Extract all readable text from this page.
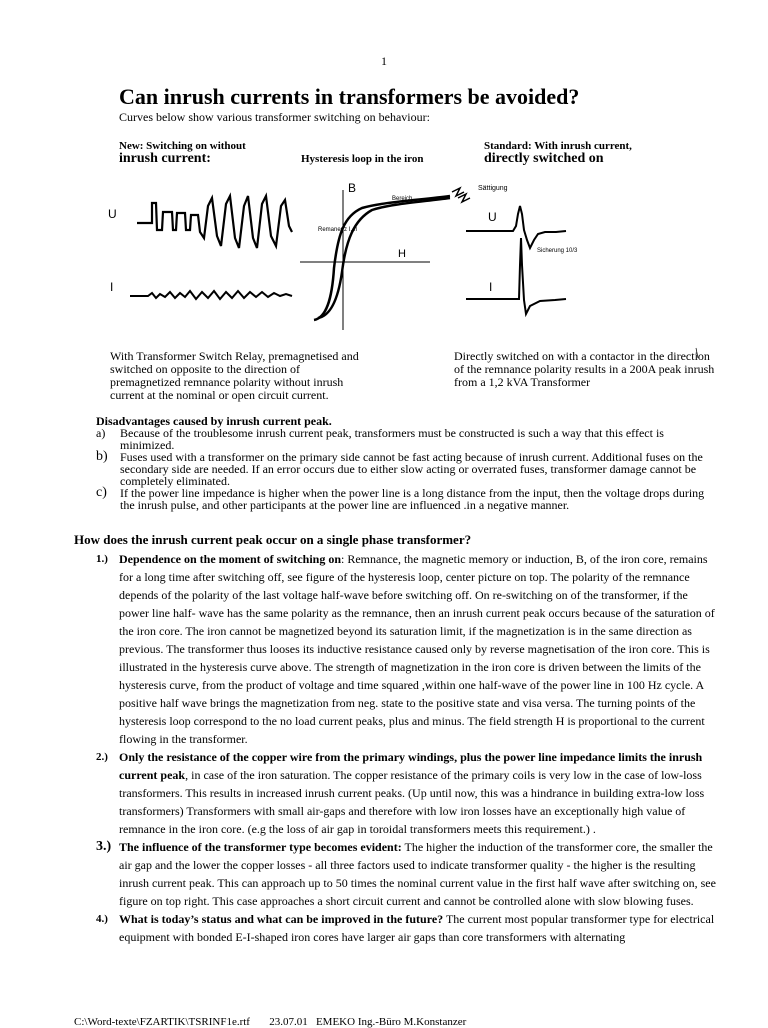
1
Can inrush currents in transformers be avoided?
Curves below show various transformer switching on behaviour:
New: Switching on without
inrush current:	Hysteresis loop in the iron
Standard: With inrush current,
directly switched on
U
I
B
H
Bereich
Remanenz I, II
U
Sättigung
Sicherung 10/3
I
With Transformer Switch Relay, premagnetised and switched on opposite to the direction of premagnetized remnance polarity without inrush current at the nominal or open circuit current.
Directly switched on with a contactor in the direction of the remnance polarity results in a 200A peak inrush from a 1,2 kVA Transformer
Disadvantages caused by inrush current peak.
a)	Because of the troublesome inrush current peak, transformers must be constructed is such a way that this effect is minimized.
b)	Fuses used with a transformer on the primary side cannot be fast acting because of inrush current. Additional fuses on the secondary side are needed. If an error occurs due to either slow acting or overrated fuses, transformer damage cannot be completely eliminated.
c)	If the power line impedance is higher when the power line is a long distance from the input, then the voltage drops during the inrush pulse, and other participants at the power line are influenced .in a negative manner.
How does the inrush current peak occur on a single phase transformer?
1.) Dependence on the moment of switching on: Remnance, the magnetic memory or induction, B, of the iron core, remains for a long time after switching off, see figure of the hysteresis loop, center picture on top. The polarity of the remnance depends of the polarity of the last voltage half-wave before switching off. On re-switching on of the transformer, if the power line half- wave has the same polarity as the remnance, then an inrush current peak occurs because of the saturation of the iron core. The iron cannot be magnetized beyond its saturation limit, if the magnetization is in the same direction as previous. The transformer thus looses its inductive resistance caused only by reverse magnetisation of the iron core. This is illustrated in the hysteresis curve above. The strength of magnetization in the iron core is driven between the limits of the hysteresis curve, from the product of voltage and time squared ,within one half-wave of the power line in 100 Hz cycle. A positive half wave brings the magnetization from neg. state to the positive state and visa versa. The turning points of the hysteresis loop correspond to the no load current peaks, plus and minus. The field strength H is proportional to the current flowing in the transformer.
2.) Only the resistance of the copper wire from the primary windings, plus the power line impedance limits the inrush current peak, in case of the iron saturation. The copper resistance of the primary coils is very low in the case of low-loss transformers. This results in increased inrush current peaks. (Up until now, this was a hindrance in building extra-low loss transformers) Transformers with small air-gaps and therefore with low iron losses have an exceptionally high value of remnance in the iron core. (e.g the loss of air gap in toroidal transformers meets this requirement.) .
3.) The influence of the transformer type becomes evident: The higher the induction of the transformer core, the smaller the air gap and the lower the copper losses - all three factors used to indicate transformer quality - the higher is the resulting inrush current peak. This can approach up to 50 times the nominal current value in the first half wave after switching on, see figure on top right. This case approaches a short circuit current and cannot be controlled alone with slow blowing fuses.
4.) What is today’s status and what can be improved in the future? The current most popular transformer type for electrical equipment with bonded E-I-shaped iron cores have larger air gaps than core transformers with alternating
C:\Word-texte\FZARTIK\TSRINF1e.rtf       23.07.01   EMEKO Ing.-Büro M.Konstanzer
